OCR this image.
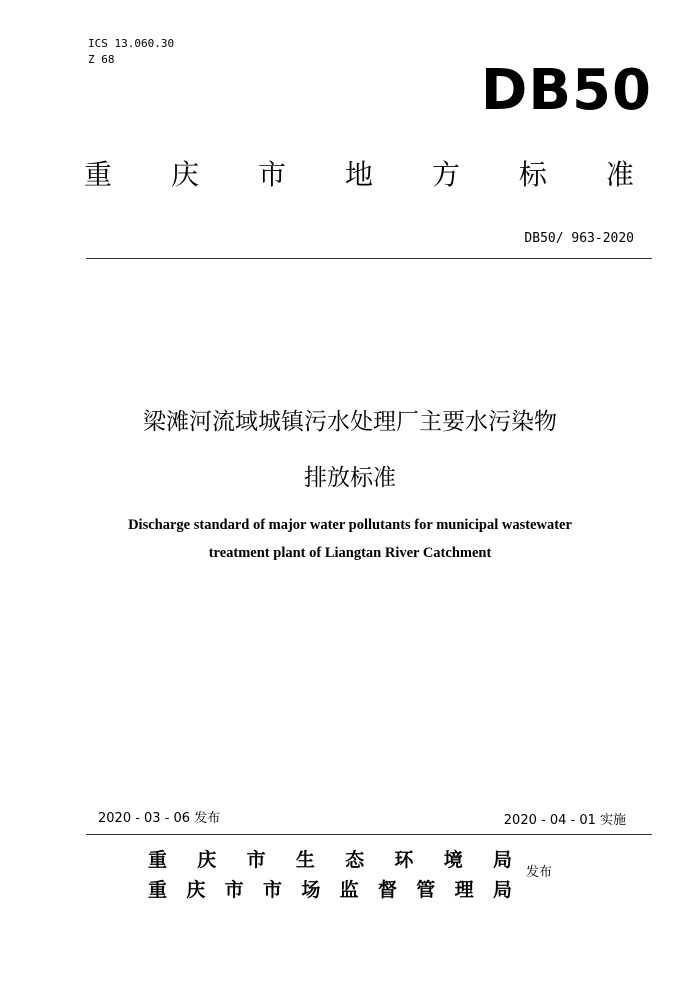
ICS 13.060.30
Z 68	DB50
重 庆 市 地 方 标 准
DB50/ 963-2020
梁滩河流域城镇污水处理厂主要水污染物
排放标准
Discharge standard of major water pollutants for municipal wastewater
treatment plant of Liangtan River Catchment
2020 - 03 - 06 发布	2020 - 04 - 01 实施
重 庆 市 生 态 环 境 局
重 庆 市 市 场 监 督 管 理 局
发布
